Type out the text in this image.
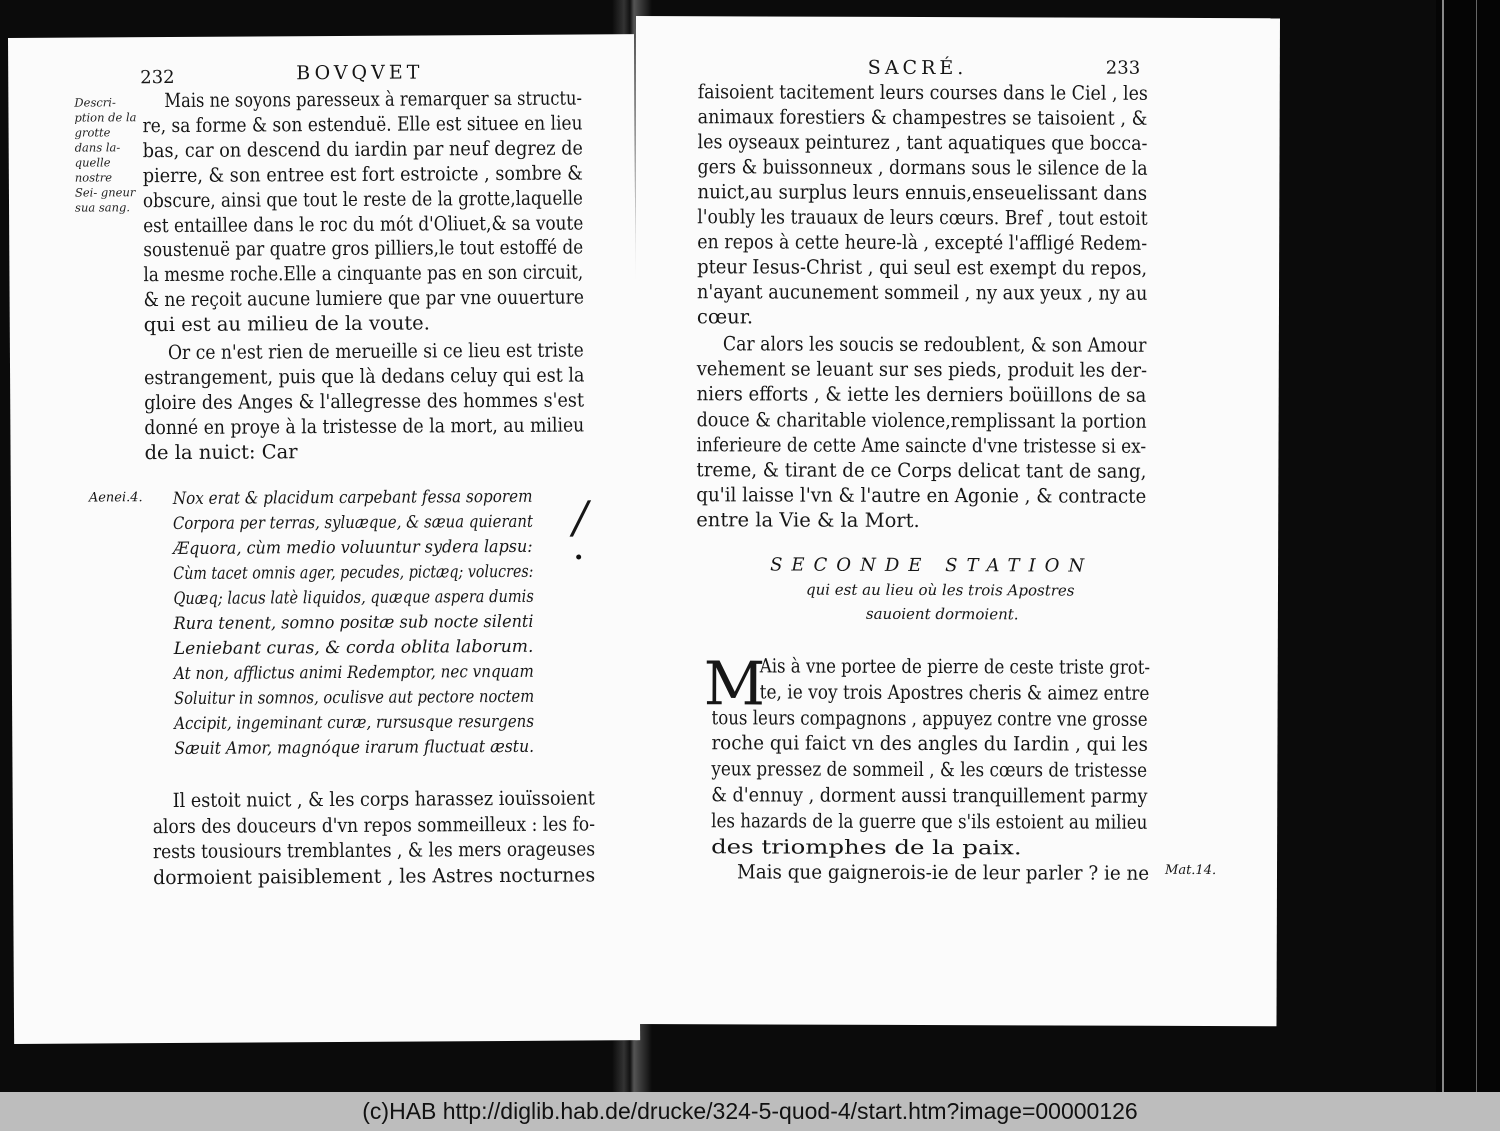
232	BOVQVET
Descri- ption de la grotte dans la- quelle nostre Sei- gneur sua sang.
Mais ne soyons paresseux à remarquer sa structu-
re, sa forme & son estenduë. Elle est situee en lieu
bas, car on descend du iardin par neuf degrez de
pierre, & son entree est fort estroicte , sombre &
obscure, ainsi que tout le reste de la grotte,laquelle
est entaillee dans le roc du mót d'Oliuet,& sa voute
soustenuë par quatre gros pilliers,le tout estoffé de
la mesme roche.Elle a cinquante pas en son circuit,
& ne reçoit aucune lumiere que par vne ouuerture
qui est au milieu de la voute.
Or ce n'est rien de merueille si ce lieu est triste
estrangement, puis que là dedans celuy qui est la
gloire des Anges & l'allegresse des hommes s'est
donné en proye à la tristesse de la mort, au milieu
de la nuict: Car
Aenei.4. Nox erat & placidum carpebant fessa soporem
Corpora per terras, syluæque, & sæua quierant
Æquora, cùm medio voluuntur sydera lapsu:
Cùm tacet omnis ager, pecudes, pictæq; volucres:
Quæq; lacus latè liquidos, quæque aspera dumis
Rura tenent, somno positæ sub nocte silenti
Leniebant curas, & corda oblita laborum.
At non, afflictus animi Redemptor, nec vnquam
Soluitur in somnos, oculisve aut pectore noctem
Accipit, ingeminant curæ, rursusque resurgens
Sæuit Amor, magnóque irarum fluctuat æstu.
/
Il estoit nuict , & les corps harassez iouïssoient
alors des douceurs d'vn repos sommeilleux : les fo-
rests tousiours tremblantes , & les mers orageuses
dormoient paisiblement , les Astres nocturnes
SACRÉ.	233
faisoient tacitement leurs courses dans le Ciel , les
animaux forestiers & champestres se taisoient , &
les oyseaux peinturez , tant aquatiques que bocca-
gers & buissonneux , dormans sous le silence de la
nuict,au surplus leurs ennuis,enseuelissant dans
l'oubly les trauaux de leurs cœurs. Bref , tout estoit
en repos à cette heure-là , excepté l'affligé Redem-
pteur Iesus-Christ , qui seul est exempt du repos,
n'ayant aucunement sommeil , ny aux yeux , ny au
cœur.
Car alors les soucis se redoublent, & son Amour
vehement se leuant sur ses pieds, produit les der-
niers efforts , & iette les derniers boüillons de sa
douce & charitable violence,remplissant la portion
inferieure de cette Ame saincte d'vne tristesse si ex-
treme, & tirant de ce Corps delicat tant de sang,
qu'il laisse l'vn & l'autre en Agonie , & contracte
entre la Vie & la Mort.
SECONDE STATION
qui est au lieu où les trois Apostres
sauoient dormoient.
M
Ais à vne portee de pierre de ceste triste grot-
te, ie voy trois Apostres cheris & aimez entre
tous leurs compagnons , appuyez contre vne grosse
roche qui faict vn des angles du Iardin , qui les
yeux pressez de sommeil , & les cœurs de tristesse
& d'ennuy , dorment aussi tranquillement parmy
les hazards de la guerre que s'ils estoient au milieu
des triomphes de la paix.
Mais que gaignerois-ie de leur parler ? ie ne Mat.14.
(c)HAB http://diglib.hab.de/drucke/324-5-quod-4/start.htm?image=00000126
